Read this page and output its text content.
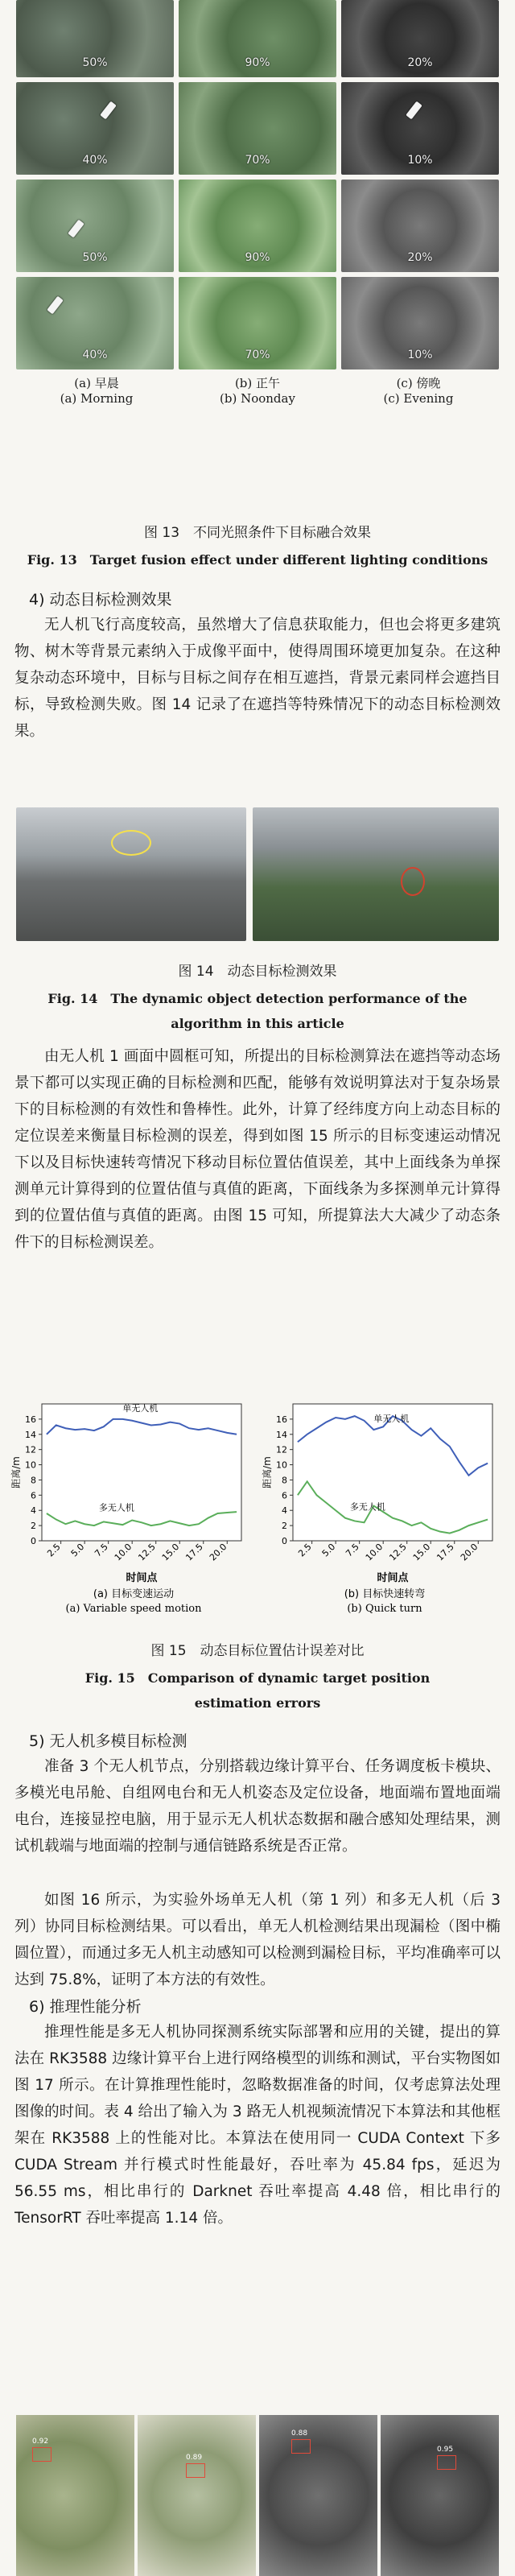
50%	90%	20%
40%	70%	10%
50%	90%	20%
40%	70%	10%
(a) 早晨	(b) 正午	(c) 傍晚
(a) Morning	(b) Noonday	(c) Evening
图 13　不同光照条件下目标融合效果
Fig. 13　Target fusion effect under different lighting conditions
4) 动态目标检测效果
无人机飞行高度较高，虽然增大了信息获取能力，但也会将更多建筑物、树木等背景元素纳入于成像平面中，使得周围环境更加复杂。在这种复杂动态环境中，目标与目标之间存在相互遮挡，背景元素同样会遮挡目标，导致检测失败。图 14 记录了在遮挡等特殊情况下的动态目标检测效果。
图 14　动态目标检测效果
Fig. 14　The dynamic object detection performance of the
algorithm in this article
由无人机 1 画面中圆框可知，所提出的目标检测算法在遮挡等动态场景下都可以实现正确的目标检测和匹配，能够有效说明算法对于复杂场景下的目标检测的有效性和鲁棒性。此外，计算了经纬度方向上动态目标的定位误差来衡量目标检测的误差，得到如图 15 所示的目标变速运动情况下以及目标快速转弯情况下移动目标位置估值误差，其中上面线条为单探测单元计算得到的位置估值与真值的距离，下面线条为多探测单元计算得到的位置估值与真值的距离。由图 15 可知，所提算法大大减少了动态条件下的目标检测误差。
0
2
4
6
8
10
12
14
16
2.5 5.0 7.5 10.0 12.5 15.0 17.5 20.0
距离/m
时间点
单无人机
多无人机
(a) 目标变速运动
(a) Variable speed motion
0
2
4
6
8
10
12
14
16
2.5 5.0 7.5 10.0 12.5 15.0 17.5 20.0
距离/m
时间点
单无人机
多无人机
(b) 目标快速转弯
(b) Quick turn
图 15　动态目标位置估计误差对比
Fig. 15　Comparison of dynamic target position
estimation errors
5) 无人机多模目标检测
准备 3 个无人机节点，分别搭载边缘计算平台、任务调度板卡模块、多模光电吊舱、自组网电台和无人机姿态及定位设备，地面端布置地面端电台，连接显控电脑，用于显示无人机状态数据和融合感知处理结果，测试机载端与地面端的控制与通信链路系统是否正常。
如图 16 所示，为实验外场单无人机（第 1 列）和多无人机（后 3 列）协同目标检测结果。可以看出，单无人机检测结果出现漏检（图中椭圆位置），而通过多无人机主动感知可以检测到漏检目标，平均准确率可以达到 75.8%，证明了本方法的有效性。
6) 推理性能分析
推理性能是多无人机协同探测系统实际部署和应用的关键，提出的算法在 RK3588 边缘计算平台上进行网络模型的训练和测试，平台实物图如图 17 所示。在计算推理性能时，忽略数据准备的时间，仅考虑算法处理图像的时间。表 4 给出了输入为 3 路无人机视频流情况下本算法和其他框架在 RK3588 上的性能对比。本算法在使用同一 CUDA Context 下多 CUDA Stream 并行模式时性能最好，吞吐率为 45.84 fps，延迟为 56.55 ms，相比串行的 Darknet 吞吐率提高 4.48 倍，相比串行的 TensorRT 吞吐率提高 1.14 倍。
0.92
0.89
0.88
0.95
